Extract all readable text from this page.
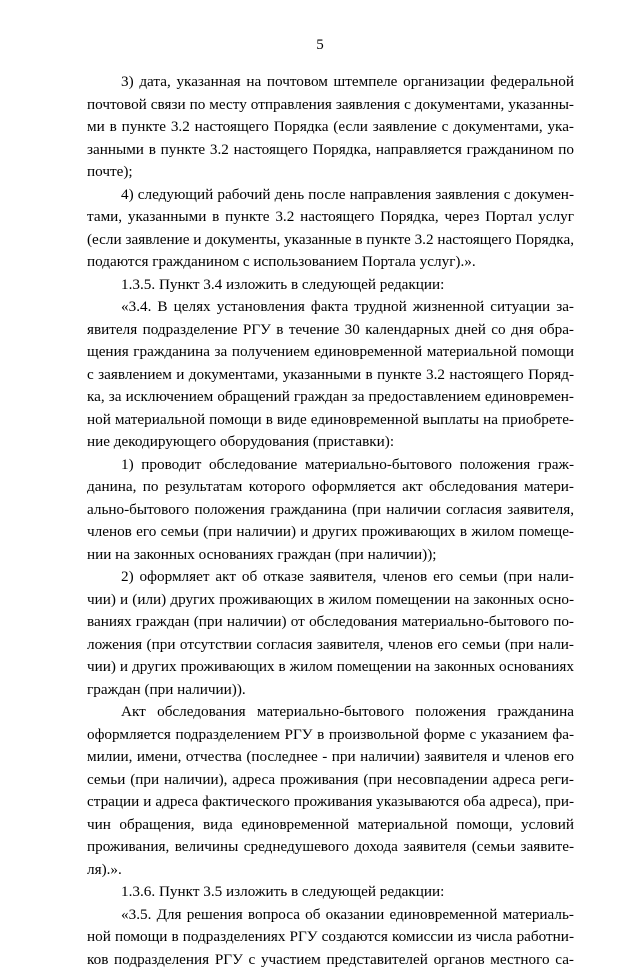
5
3) дата, указанная на почтовом штемпеле организации федеральной
почтовой связи по месту отправления заявления с документами, указанны-
ми в пункте 3.2 настоящего Порядка (если заявление с документами, ука-
занными в пункте 3.2 настоящего Порядка, направляется гражданином по
почте);
4) следующий рабочий день после направления заявления с докумен-
тами, указанными в пункте 3.2 настоящего Порядка, через Портал услуг
(если заявление и документы, указанные в пункте 3.2 настоящего Порядка,
подаются гражданином с использованием Портала услуг).».
1.3.5. Пункт 3.4 изложить в следующей редакции:
«3.4. В целях установления факта трудной жизненной ситуации за-
явителя подразделение РГУ в течение 30 календарных дней со дня обра-
щения гражданина за получением единовременной материальной помощи
с заявлением и документами, указанными в пункте 3.2 настоящего Поряд-
ка, за исключением обращений граждан за предоставлением единовремен-
ной материальной помощи в виде единовременной выплаты на приобрете-
ние декодирующего оборудования (приставки):
1) проводит обследование материально-бытового положения граж-
данина, по результатам которого оформляется акт обследования матери-
ально-бытового положения гражданина (при наличии согласия заявителя,
членов его семьи (при наличии) и других проживающих в жилом помеще-
нии на законных основаниях граждан (при наличии));
2) оформляет акт об отказе заявителя, членов его семьи (при нали-
чии) и (или) других проживающих в жилом помещении на законных осно-
ваниях граждан (при наличии) от обследования материально-бытового по-
ложения (при отсутствии согласия заявителя, членов его семьи (при нали-
чии) и других проживающих в жилом помещении на законных основаниях
граждан (при наличии)).
Акт обследования материально-бытового положения гражданина
оформляется подразделением РГУ в произвольной форме с указанием фа-
милии, имени, отчества (последнее - при наличии) заявителя и членов его
семьи (при наличии), адреса проживания (при несовпадении адреса реги-
страции и адреса фактического проживания указываются оба адреса), при-
чин обращения, вида единовременной материальной помощи, условий
проживания, величины среднедушевого дохода заявителя (семьи заявите-
ля).».
1.3.6. Пункт 3.5 изложить в следующей редакции:
«3.5. Для решения вопроса об оказании единовременной материаль-
ной помощи в подразделениях РГУ создаются комиссии из числа работни-
ков подразделения РГУ с участием представителей органов местного са-
